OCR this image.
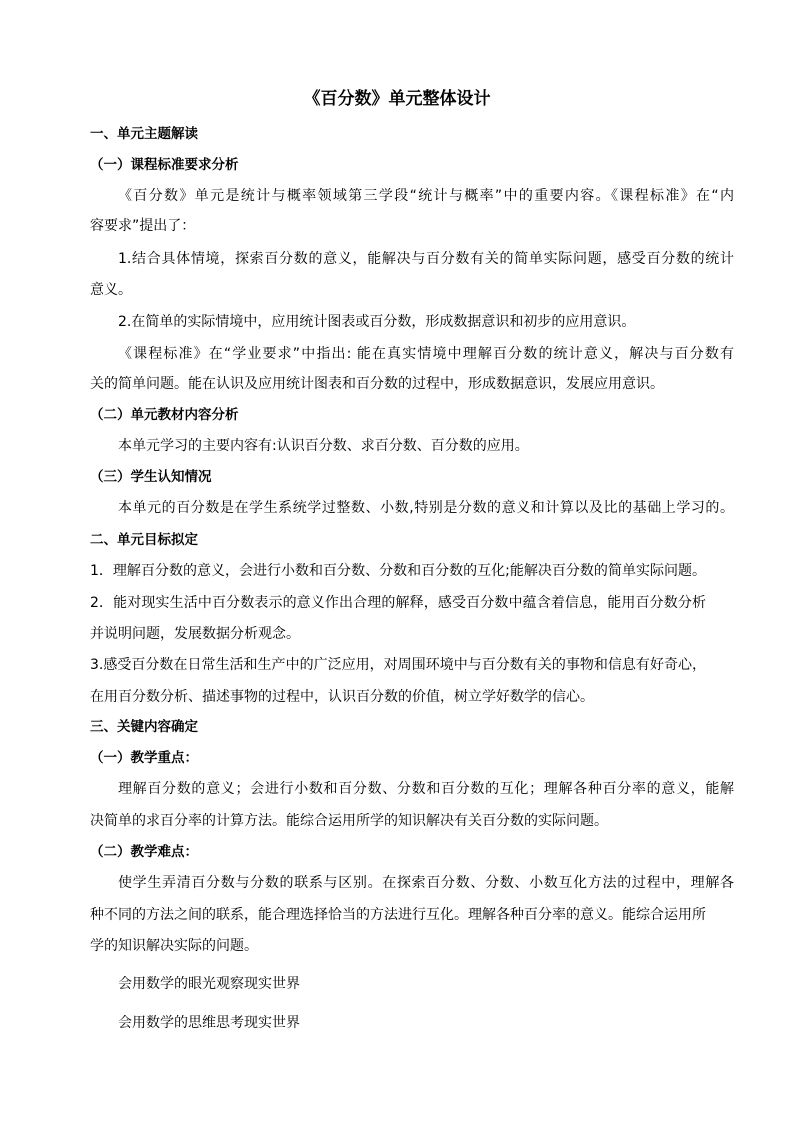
《百分数》单元整体设计
一、单元主题解读
（一）课程标准要求分析
《百分数》单元是统计与概率领域第三学段“统计与概率”中的重要内容。《课程标准》在“内
容要求”提出了：
1.结合具体情境，探索百分数的意义，能解决与百分数有关的简单实际问题，感受百分数的统计
意义。
2.在简单的实际情境中，应用统计图表或百分数，形成数据意识和初步的应用意识。
《课程标准》在“学业要求”中指出: 能在真实情境中理解百分数的统计意义，解决与百分数有
关的简单问题。能在认识及应用统计图表和百分数的过程中，形成数据意识，发展应用意识。
（二）单元教材内容分析
本单元学习的主要内容有:认识百分数、求百分数、百分数的应用。
（三）学生认知情况
本单元的百分数是在学生系统学过整数、小数,特别是分数的意义和计算以及比的基础上学习的。
二、单元目标拟定
1．理解百分数的意义，会进行小数和百分数、分数和百分数的互化;能解决百分数的简单实际问题。
2．能对现实生活中百分数表示的意义作出合理的解释，感受百分数中蕴含着信息，能用百分数分析
并说明问题，发展数据分析观念。
3.感受百分数在日常生活和生产中的广泛应用，对周围环境中与百分数有关的事物和信息有好奇心，
在用百分数分析、描述事物的过程中，认识百分数的价值，树立学好数学的信心。
三、关键内容确定
（一）教学重点：
理解百分数的意义；会进行小数和百分数、分数和百分数的互化；理解各种百分率的意义，能解
决简单的求百分率的计算方法。能综合运用所学的知识解决有关百分数的实际问题。
（二）教学难点：
使学生弄清百分数与分数的联系与区别。在探索百分数、分数、小数互化方法的过程中，理解各
种不同的方法之间的联系，能合理选择恰当的方法进行互化。理解各种百分率的意义。能综合运用所
学的知识解决实际的问题。
会用数学的眼光观察现实世界
会用数学的思维思考现实世界
